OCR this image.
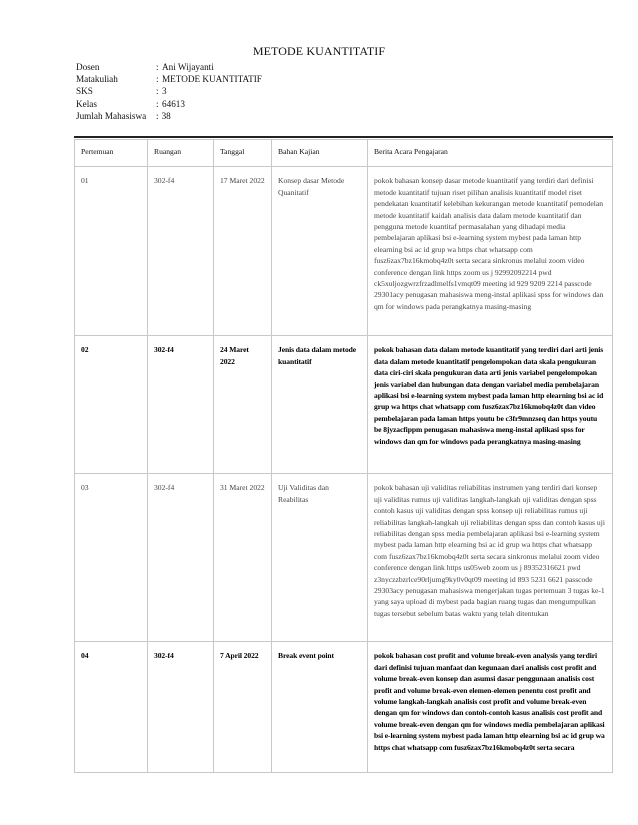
METODE KUANTITATIF
Dosen	: Ani Wijayanti
Matakuliah	: METODE KUANTITATIF
SKS	: 3
Kelas	: 64613
Jumlah Mahasiswa	: 38
Pertemuan	Ruangan	Tanggal	Bahan Kajian	Berita Acara Pengajaran
01	302-f4	17 Maret 2022	Konsep dasar Metode Quanitatif	pokok bahasan konsep dasar metode kuantitatif yang terdiri dari definisi metode kuantitatif tujuan riset pilihan analisis kuantitatif model riset pendekatan kuantitatif kelebihan kekurangan metode kuantitatif pemodelan metode kuantitatif kaidah analisis data dalam metode kuantitatif dan pengguna metode kuantitaf permasalahan yang dihadapi media pembelajaran aplikasi bsi e-learning system mybest pada laman http elearning bsi ac id grup wa https chat whatsapp com fusz6zax7bz16kmobq4z0t serta secara sinkronus melalui zoom video conference dengan link https zoom us j 92992092214 pwd ck5xuljozgwrzfrzadlmelfs1vmqt09 meeting id 929 9209 2214 passcode 29301acy penugasan mahasiswa meng-instal aplikasi spss for windows dan qm for windows pada perangkatnya masing-masing
02	302-f4	24 Maret 2022	Jenis data dalam metode kuantitatif	pokok bahasan data dalam metode kuantitatif yang terdiri dari arti jenis data dalam metode kuantitatif pengelompokan data skala pengukuran data ciri-ciri skala pengukuran data arti jenis variabel pengelompokan jenis variabel dan hubungan data dengan variabel media pembelajaran aplikasi bsi e-learning system mybest pada laman http elearning bsi ac id grup wa https chat whatsapp com fusz6zax7bz16kmobq4z0t dan video pembelajaran pada laman https youtu be c3fr9mnzseq dan https youtu be 8jyzacfippm penugasan mahasiswa meng-instal aplikasi spss for windows dan qm for windows pada perangkatnya masing-masing
03	302-f4	31 Maret 2022	Uji Validitas dan Reabilitas	pokok bahasan uji validitas reliabilitas instrumen yang terdiri dari konsep uji validitas rumus uji validitas langkah-langkah uji validitas dengan spss contoh kasus uji validitas dengan spss konsep uji reliabilitas rumus uji reliabilitas langkah-langkah uji reliabilitas dengan spss dan contoh kasus uji reliabilitas dengan spss media pembelajaran aplikasi bsi e-learning system mybest pada laman http elearning bsi ac id grup wa https chat whatsapp com fusz6zax7bz16kmobq4z0t serta secara sinkronus melalui zoom video conference dengan link https us05web zoom us j 89352316621 pwd z3nyczzbzrlce90rljumg9ky0v0qt09 meeting id 893 5231 6621 passcode 29303acy penugasan mahasiswa mengerjakan tugas pertemuan 3 tugas ke-1 yang saya upload di mybest pada bagian ruang tugas dan mengumpulkan tugas tersebut sebelum batas waktu yang telah ditentukan
04	302-f4	7 April 2022	Break event point	pokok bahasan cost profit and volume break-even analysis yang terdiri dari definisi tujuan manfaat dan kegunaan dari analisis cost profit and volume break-even konsep dan asumsi dasar penggunaan analisis cost profit and volume break-even elemen-elemen penentu cost profit and volume langkah-langkah analisis cost profit and volume break-even dengan qm for windows dan contoh-contoh kasus analisis cost profit and volume break-even dengan qm for windows media pembelajaran aplikasi bsi e-learning system mybest pada laman http elearning bsi ac id grup wa https chat whatsapp com fusz6zax7bz16kmobq4z0t serta secara
